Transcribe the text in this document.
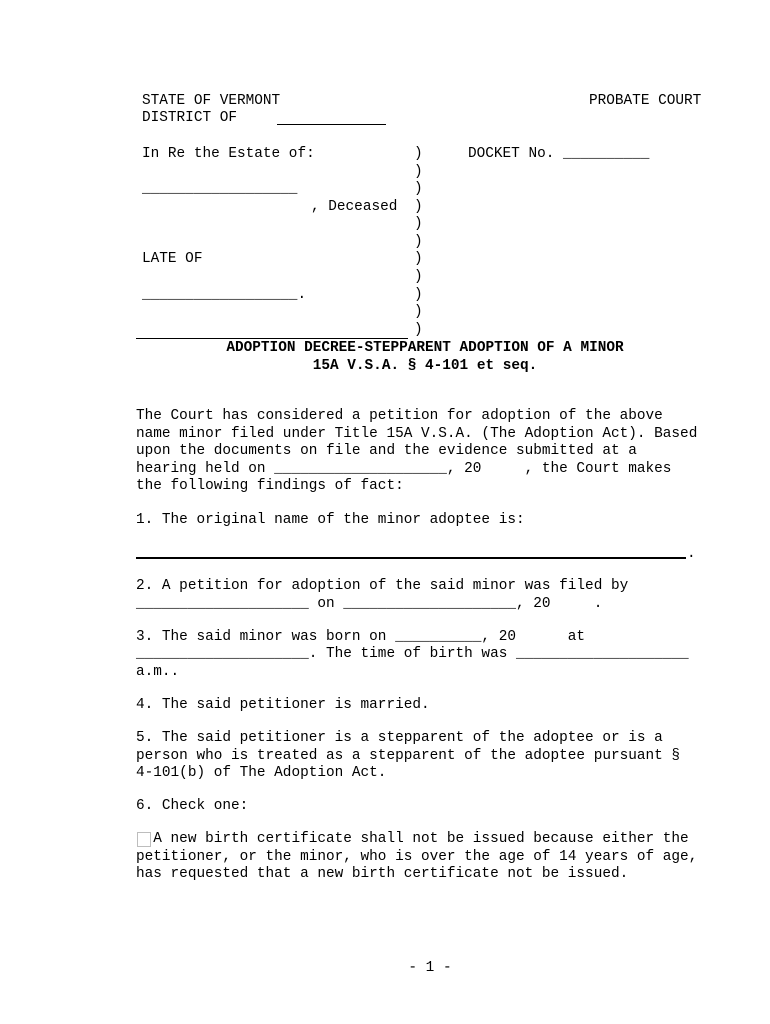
STATE OF VERMONT	PROBATE COURT
DISTRICT OF
In Re the Estate of:
__________________
, Deceased
LATE OF
__________________.
)
)
)
)
)
)
)
)
)
)
)
DOCKET No. __________
ADOPTION DECREE-STEPPARENT ADOPTION OF A MINOR
15A V.S.A. § 4-101 et seq.
The Court has considered a petition for adoption of the above
name minor filed under Title 15A V.S.A. (The Adoption Act). Based
upon the documents on file and the evidence submitted at a
hearing held on ____________________, 20     , the Court makes
the following findings of fact:
1. The original name of the minor adoptee is:
.
2. A petition for adoption of the said minor was filed by
____________________ on ____________________, 20     .
3. The said minor was born on __________, 20      at
____________________. The time of birth was ____________________
a.m..
4. The said petitioner is married.
5. The said petitioner is a stepparent of the adoptee or is a
person who is treated as a stepparent of the adoptee pursuant §
4-101(b) of The Adoption Act.
6. Check one:
A new birth certificate shall not be issued because either the
petitioner, or the minor, who is over the age of 14 years of age,
has requested that a new birth certificate not be issued.
- 1 -
